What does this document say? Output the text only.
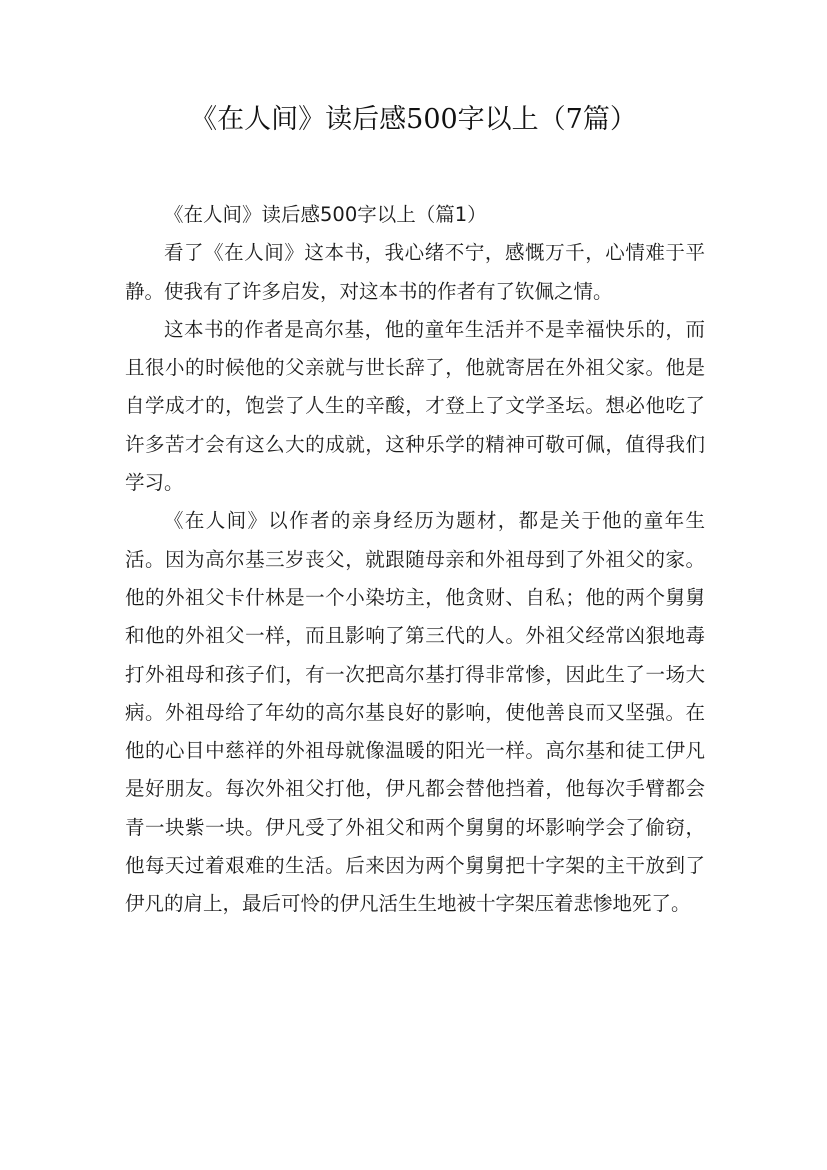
《在人间》读后感500字以上（7篇）

《在人间》读后感500字以上（篇1）

看了《在人间》这本书，我心绪不宁，感慨万千，心情难于平静。使我有了许多启发，对这本书的作者有了钦佩之情。

这本书的作者是高尔基，他的童年生活并不是幸福快乐的，而且很小的时候他的父亲就与世长辞了，他就寄居在外祖父家。他是自学成才的，饱尝了人生的辛酸，才登上了文学圣坛。想必他吃了许多苦才会有这么大的成就，这种乐学的精神可敬可佩，值得我们学习。

《在人间》以作者的亲身经历为题材，都是关于他的童年生活。因为高尔基三岁丧父，就跟随母亲和外祖母到了外祖父的家。他的外祖父卡什林是一个小染坊主，他贪财、自私；他的两个舅舅和他的外祖父一样，而且影响了第三代的人。外祖父经常凶狠地毒打外祖母和孩子们，有一次把高尔基打得非常惨，因此生了一场大病。外祖母给了年幼的高尔基良好的影响，使他善良而又坚强。在他的心目中慈祥的外祖母就像温暖的阳光一样。高尔基和徒工伊凡是好朋友。每次外祖父打他，伊凡都会替他挡着，他每次手臂都会青一块紫一块。伊凡受了外祖父和两个舅舅的坏影响学会了偷窃，他每天过着艰难的生活。后来因为两个舅舅把十字架的主干放到了伊凡的肩上，最后可怜的伊凡活生生地被十字架压着悲惨地死了。
